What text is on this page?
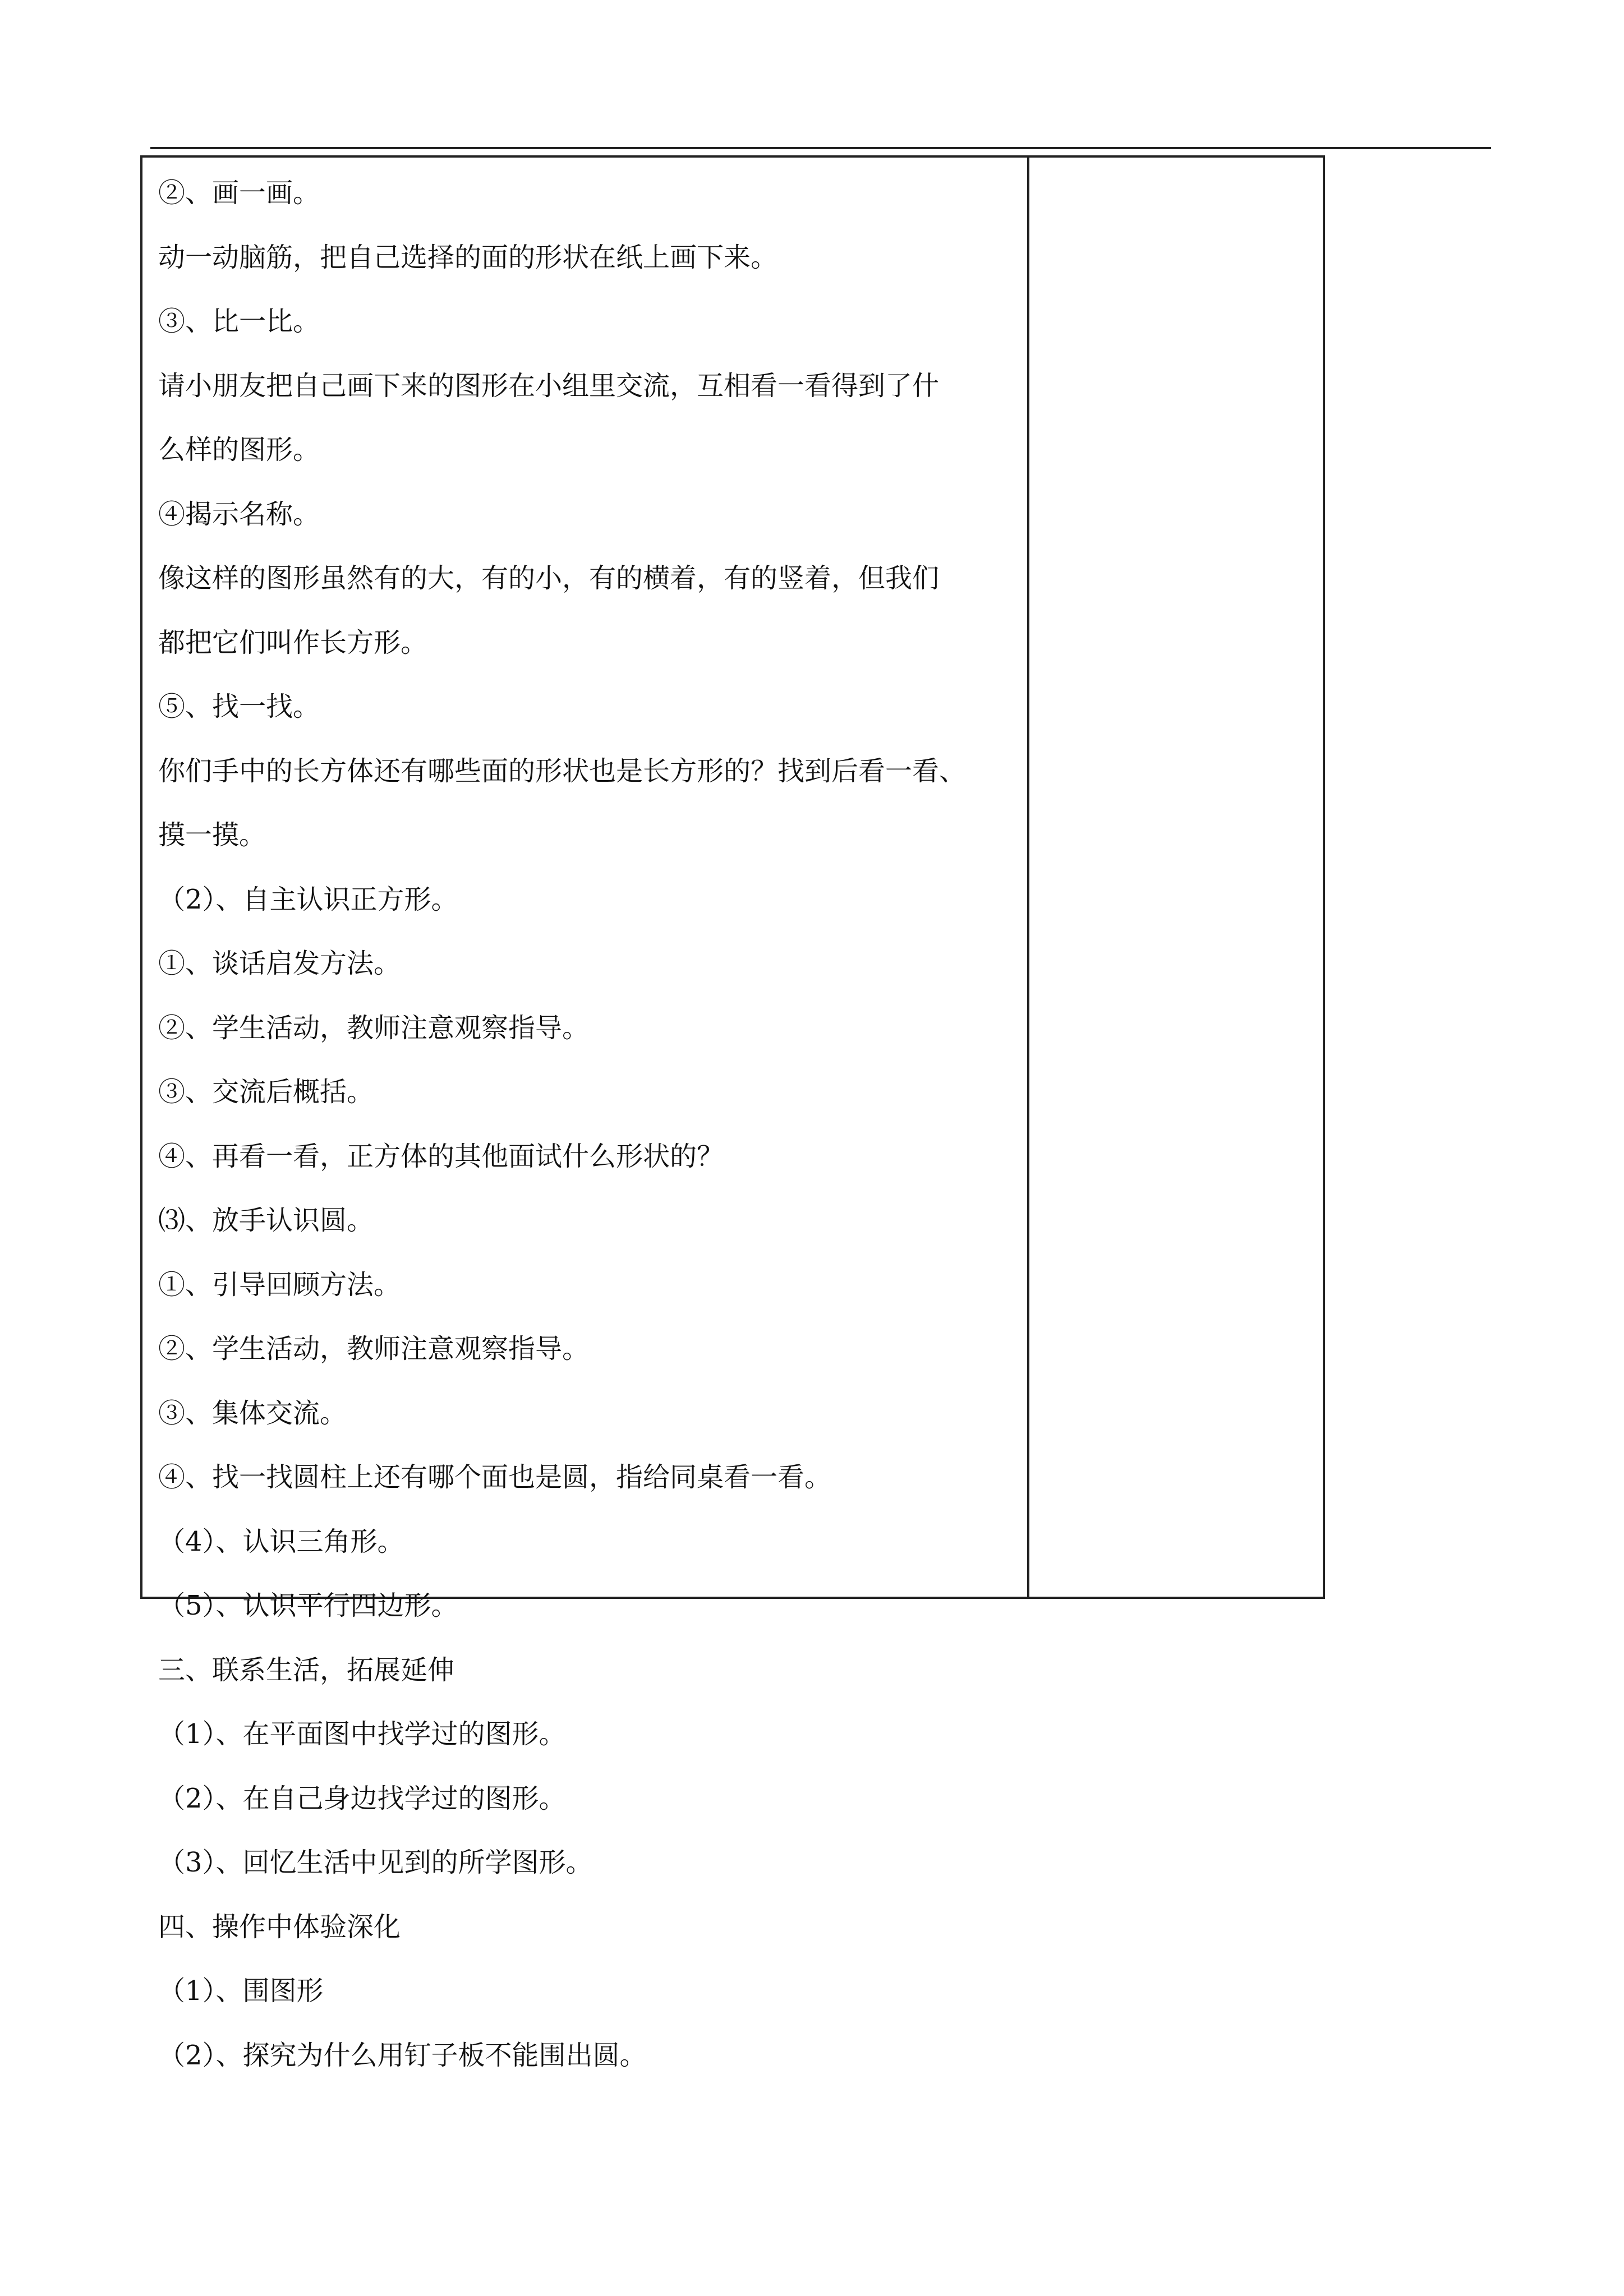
②、画一画。
动一动脑筋，把自己选择的面的形状在纸上画下来。
③、比一比。
请小朋友把自己画下来的图形在小组里交流，互相看一看得到了什
么样的图形。
④揭示名称。
像这样的图形虽然有的大，有的小，有的横着，有的竖着，但我们
都把它们叫作长方形。
⑤、找一找。
你们手中的长方体还有哪些面的形状也是长方形的？找到后看一看、
摸一摸。
（2）、自主认识正方形。
①、谈话启发方法。
②、学生活动，教师注意观察指导。
③、交流后概括。
④、再看一看，正方体的其他面试什么形状的？
⑶、放手认识圆。
①、引导回顾方法。
②、学生活动，教师注意观察指导。
③、集体交流。
④、找一找圆柱上还有哪个面也是圆，指给同桌看一看。
（4）、认识三角形。
（5）、认识平行四边形。
三、联系生活，拓展延伸
（1）、在平面图中找学过的图形。
（2）、在自己身边找学过的图形。
（3）、回忆生活中见到的所学图形。
四、操作中体验深化
（1）、围图形
（2）、探究为什么用钉子板不能围出圆。
